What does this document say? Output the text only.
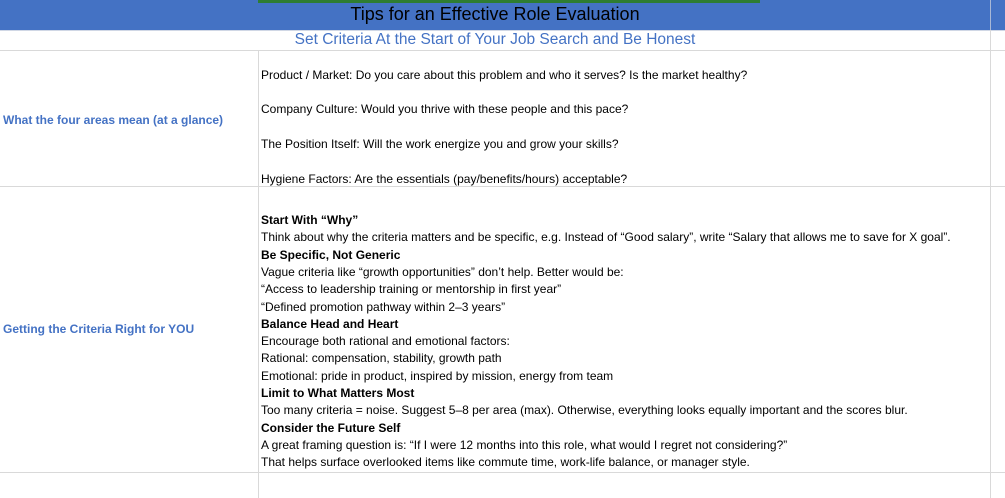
Tips for an Effective Role Evaluation
Set Criteria At the Start of Your Job Search and Be Honest
What the four areas mean (at a glance)
Product / Market: Do you care about this problem and who it serves? Is the market healthy?
Company Culture: Would you thrive with these people and this pace?
The Position Itself: Will the work energize you and grow your skills?
Hygiene Factors: Are the essentials (pay/benefits/hours) acceptable?
Getting the Criteria Right for YOU
Start With “Why”
Think about why the criteria matters and be specific, e.g. Instead of “Good salary”, write “Salary that allows me to save for X goal”.
Be Specific, Not Generic
Vague criteria like “growth opportunities” don’t help. Better would be:
“Access to leadership training or mentorship in first year”
“Defined promotion pathway within 2–3 years”
Balance Head and Heart
Encourage both rational and emotional factors:
Rational: compensation, stability, growth path
Emotional: pride in product, inspired by mission, energy from team
Limit to What Matters Most
Too many criteria = noise. Suggest 5–8 per area (max). Otherwise, everything looks equally important and the scores blur.
Consider the Future Self
A great framing question is: “If I were 12 months into this role, what would I regret not considering?”
That helps surface overlooked items like commute time, work-life balance, or manager style.
